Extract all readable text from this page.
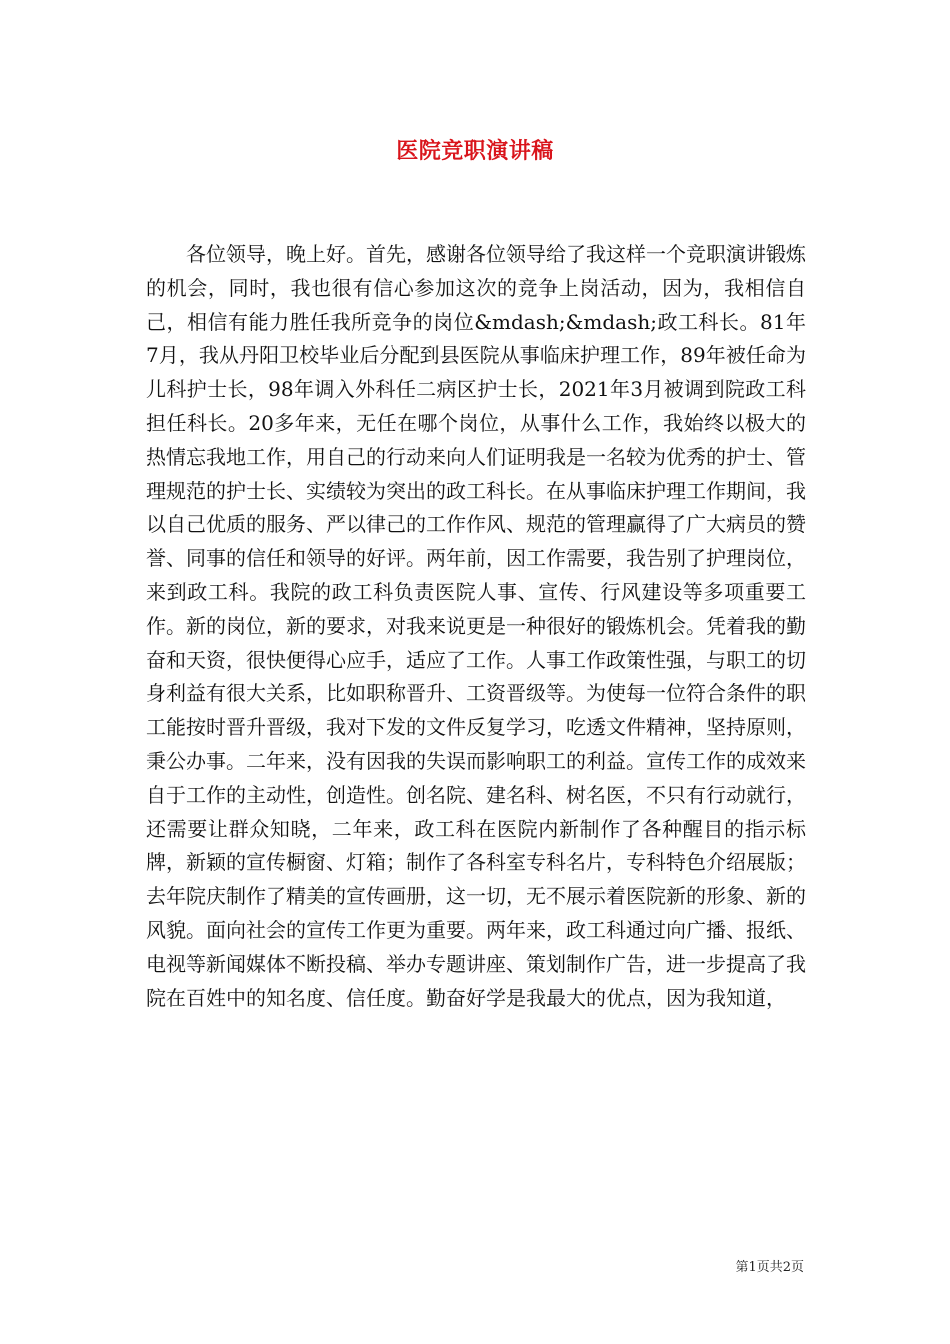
医院竞职演讲稿

各位领导，晚上好。首先，感谢各位领导给了我这样一个竞职演讲锻炼的机会，同时，我也很有信心参加这次的竞争上岗活动，因为，我相信自己，相信有能力胜任我所竞争的岗位&mdash;&mdash;政工科长。81年7月，我从丹阳卫校毕业后分配到县医院从事临床护理工作，89年被任命为儿科护士长，98年调入外科任二病区护士长，2021年3月被调到院政工科担任科长。20多年来，无任在哪个岗位，从事什么工作，我始终以极大的热情忘我地工作，用自己的行动来向人们证明我是一名较为优秀的护士、管理规范的护士长、实绩较为突出的政工科长。在从事临床护理工作期间，我以自己优质的服务、严以律己的工作作风、规范的管理赢得了广大病员的赞誉、同事的信任和领导的好评。两年前，因工作需要，我告别了护理岗位，来到政工科。我院的政工科负责医院人事、宣传、行风建设等多项重要工作。新的岗位，新的要求，对我来说更是一种很好的锻炼机会。凭着我的勤奋和天资，很快便得心应手，适应了工作。人事工作政策性强，与职工的切身利益有很大关系，比如职称晋升、工资晋级等。为使每一位符合条件的职工能按时晋升晋级，我对下发的文件反复学习，吃透文件精神，坚持原则，秉公办事。二年来，没有因我的失误而影响职工的利益。宣传工作的成效来自于工作的主动性，创造性。创名院、建名科、树名医，不只有行动就行，还需要让群众知晓，二年来，政工科在医院内新制作了各种醒目的指示标牌，新颖的宣传橱窗、灯箱；制作了各科室专科名片，专科特色介绍展版；去年院庆制作了精美的宣传画册，这一切，无不展示着医院新的形象、新的风貌。面向社会的宣传工作更为重要。两年来，政工科通过向广播、报纸、电视等新闻媒体不断投稿、举办专题讲座、策划制作广告，进一步提高了我院在百姓中的知名度、信任度。勤奋好学是我最大的优点，因为我知道，

第1页共2页
